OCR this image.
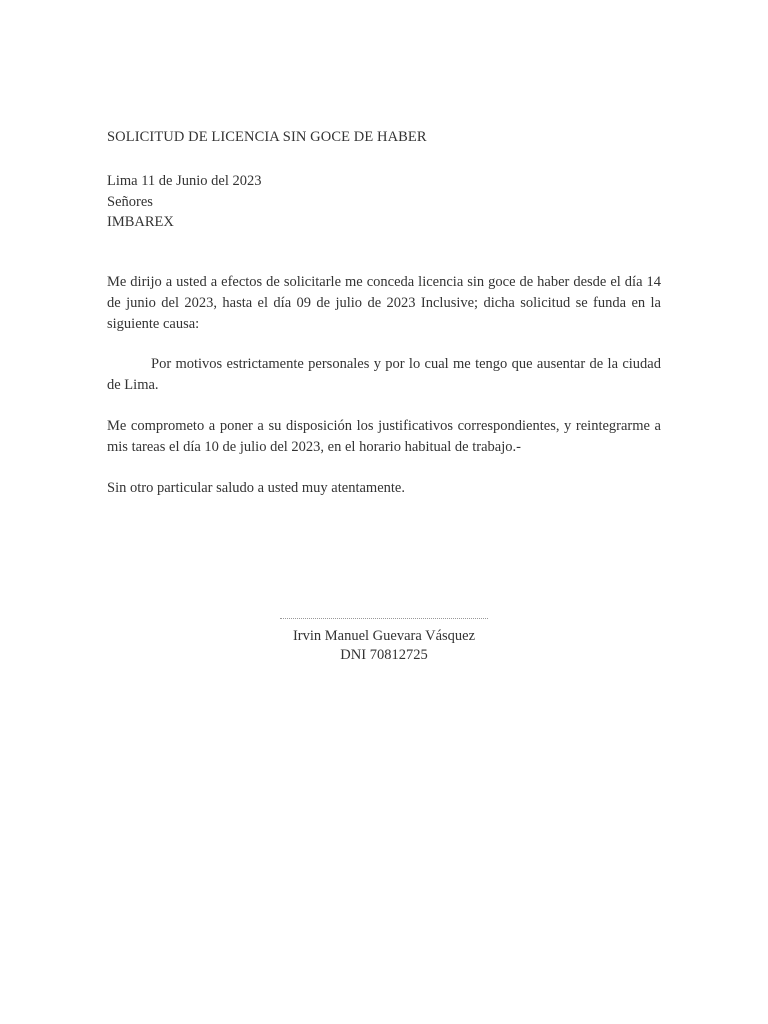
SOLICITUD DE LICENCIA SIN GOCE DE HABER
Lima 11 de Junio del 2023
Señores
IMBAREX
Me dirijo a usted a efectos de solicitarle me conceda licencia sin goce de haber desde el día 14 de junio del 2023, hasta el día 09 de julio de 2023 Inclusive; dicha solicitud se funda en la siguiente causa:
Por motivos estrictamente personales y por lo cual me tengo que ausentar de la ciudad de Lima.
Me comprometo a poner a su disposición los justificativos correspondientes, y reintegrarme a mis tareas el día 10 de julio del 2023, en el horario habitual de trabajo.-
Sin otro particular saludo a usted muy atentamente.
Irvin Manuel Guevara Vásquez
DNI 70812725
